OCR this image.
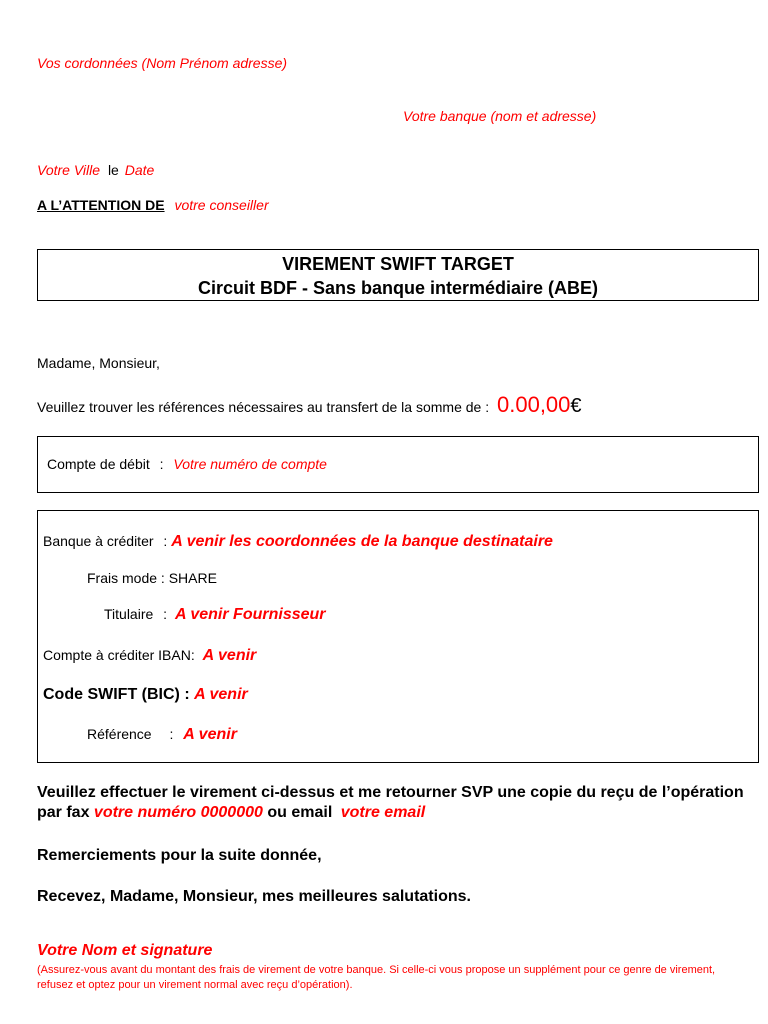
Vos cordonnées (Nom Prénom adresse)
Votre banque (nom et adresse)
Votre Ville le Date
A L’ATTENTION DE votre conseiller
VIREMENT SWIFT TARGET
Circuit BDF - Sans banque intermédiaire (ABE)
Madame, Monsieur,
Veuillez trouver les références nécessaires au transfert de la somme de : 0.00,00€
Compte de débit : Votre numéro de compte
Banque à créditer : A venir les coordonnées de la banque destinataire
Frais mode : SHARE
Titulaire : A venir Fournisseur
Compte à créditer IBAN: A venir
Code SWIFT (BIC) : A venir
Référence : A venir
Veuillez effectuer le virement ci-dessus et me retourner SVP une copie du reçu de l’opération par fax votre numéro 0000000 ou email votre email
Remerciements pour la suite donnée,
Recevez, Madame, Monsieur, mes meilleures salutations.
Votre Nom et signature
(Assurez-vous avant du montant des frais de virement de votre banque. Si celle-ci vous propose un supplément pour ce genre de virement, refusez et optez pour un virement normal avec reçu d’opération).
